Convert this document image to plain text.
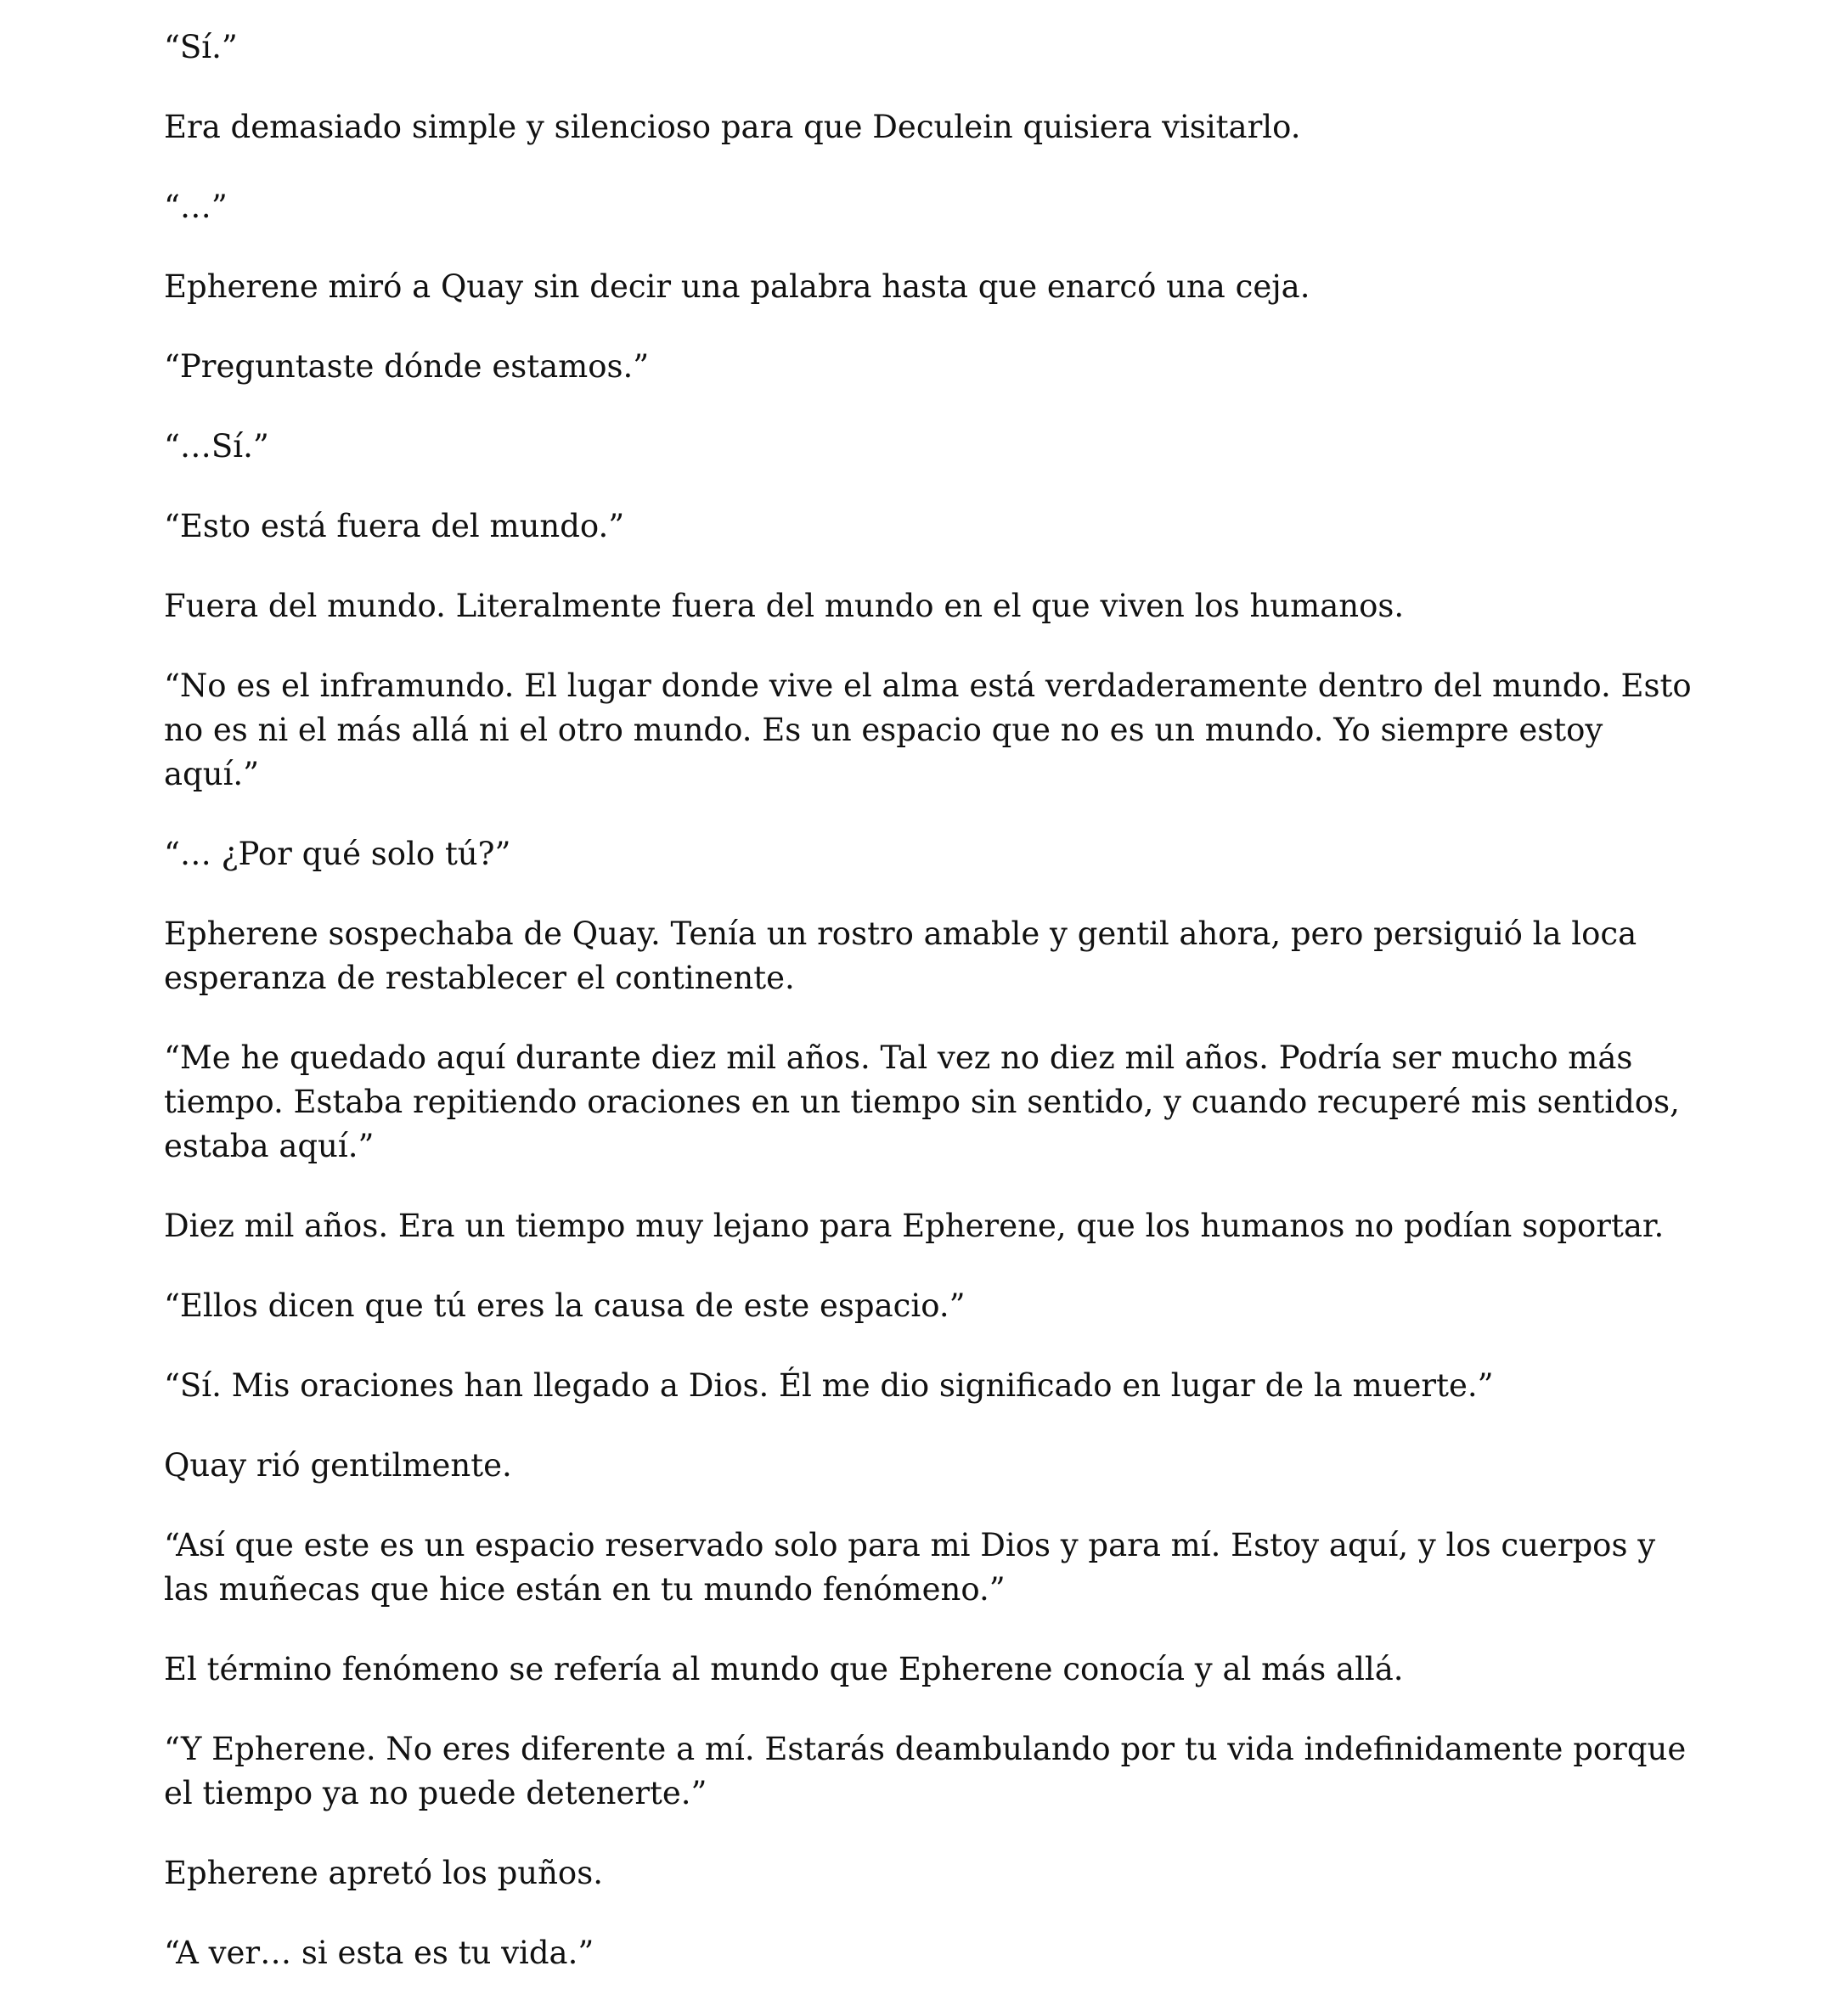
“Sí.”

Era demasiado simple y silencioso para que Deculein quisiera visitarlo.

“…”

Epherene miró a Quay sin decir una palabra hasta que enarcó una ceja.

“Preguntaste dónde estamos.”

“…Sí.”

“Esto está fuera del mundo.”

Fuera del mundo. Literalmente fuera del mundo en el que viven los humanos.

“No es el inframundo. El lugar donde vive el alma está verdaderamente dentro del mundo. Esto no es ni el más allá ni el otro mundo. Es un espacio que no es un mundo. Yo siempre estoy aquí.”

“… ¿Por qué solo tú?”

Epherene sospechaba de Quay. Tenía un rostro amable y gentil ahora, pero persiguió la loca esperanza de restablecer el continente.

“Me he quedado aquí durante diez mil años. Tal vez no diez mil años. Podría ser mucho más tiempo. Estaba repitiendo oraciones en un tiempo sin sentido, y cuando recuperé mis sentidos, estaba aquí.”

Diez mil años. Era un tiempo muy lejano para Epherene, que los humanos no podían soportar.

“Ellos dicen que tú eres la causa de este espacio.”

“Sí. Mis oraciones han llegado a Dios. Él me dio significado en lugar de la muerte.”

Quay rió gentilmente.

“Así que este es un espacio reservado solo para mi Dios y para mí. Estoy aquí, y los cuerpos y las muñecas que hice están en tu mundo fenómeno.”

El término fenómeno se refería al mundo que Epherene conocía y al más allá.

“Y Epherene. No eres diferente a mí. Estarás deambulando por tu vida indefinidamente porque el tiempo ya no puede detenerte.”

Epherene apretó los puños.

“A ver… si esta es tu vida.”
